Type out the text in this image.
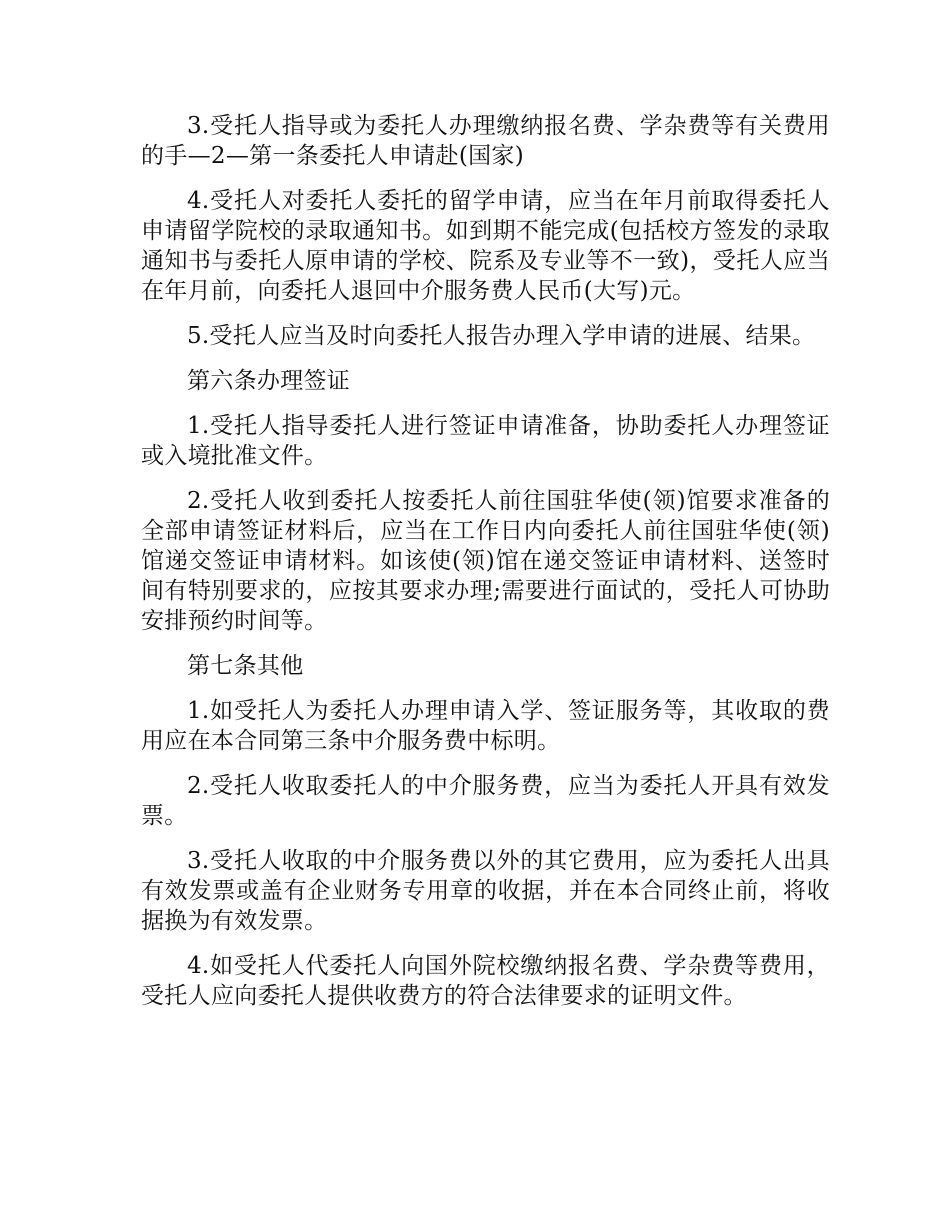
3.受托人指导或为委托人办理缴纳报名费、学杂费等有关费用的手—2—第一条委托人申请赴(国家)

4.受托人对委托人委托的留学申请，应当在年月前取得委托人申请留学院校的录取通知书。如到期不能完成(包括校方签发的录取通知书与委托人原申请的学校、院系及专业等不一致)，受托人应当在年月前，向委托人退回中介服务费人民币(大写)元。

5.受托人应当及时向委托人报告办理入学申请的进展、结果。

第六条办理签证

1.受托人指导委托人进行签证申请准备，协助委托人办理签证或入境批准文件。

2.受托人收到委托人按委托人前往国驻华使(领)馆要求准备的全部申请签证材料后，应当在工作日内向委托人前往国驻华使(领)馆递交签证申请材料。如该使(领)馆在递交签证申请材料、送签时间有特别要求的，应按其要求办理;需要进行面试的，受托人可协助安排预约时间等。

第七条其他

1.如受托人为委托人办理申请入学、签证服务等，其收取的费用应在本合同第三条中介服务费中标明。

2.受托人收取委托人的中介服务费，应当为委托人开具有效发票。

3.受托人收取的中介服务费以外的其它费用，应为委托人出具有效发票或盖有企业财务专用章的收据，并在本合同终止前，将收据换为有效发票。

4.如受托人代委托人向国外院校缴纳报名费、学杂费等费用，受托人应向委托人提供收费方的符合法律要求的证明文件。
